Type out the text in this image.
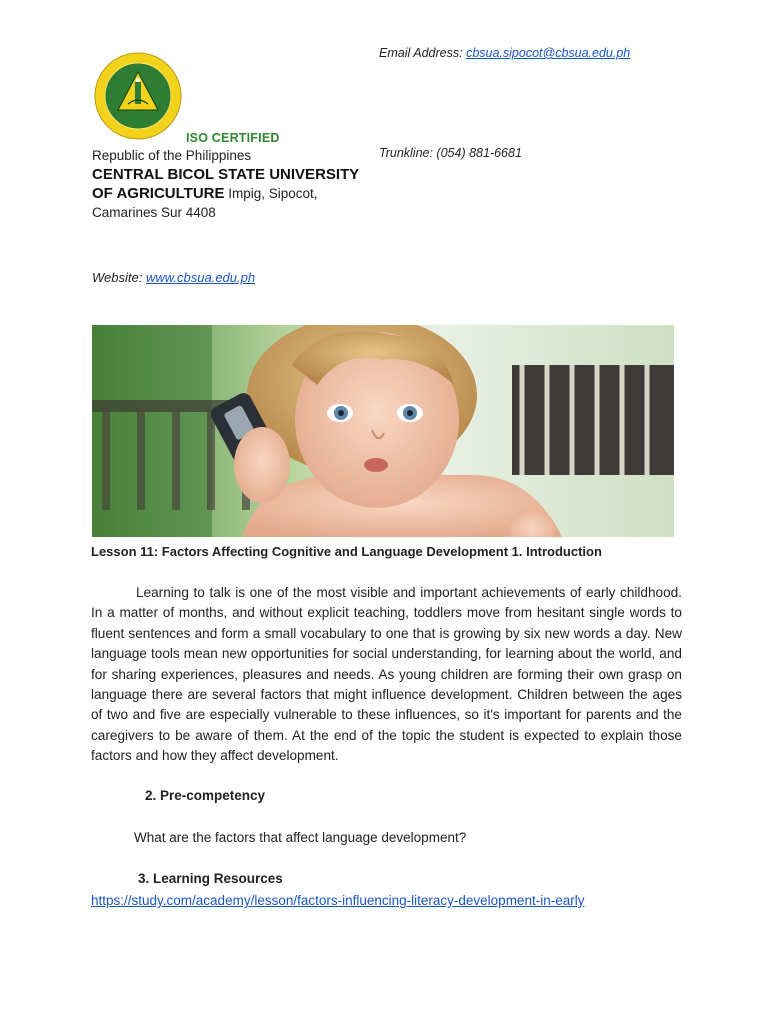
ISO CERTIFIED
Republic of the Philippines
CENTRAL BICOL STATE UNIVERSITY OF AGRICULTURE Impig, Sipocot, Camarines Sur 4408
Email Address: cbsua.sipocot@cbsua.edu.ph
Trunkline: (054) 881-6681
Website: www.cbsua.edu.ph
Lesson 11: Factors Affecting Cognitive and Language Development 1. Introduction
Learning to talk is one of the most visible and important achievements of early childhood. In a matter of months, and without explicit teaching, toddlers move from hesitant single words to fluent sentences and form a small vocabulary to one that is growing by six new words a day. New language tools mean new opportunities for social understanding, for learning about the world, and for sharing experiences, pleasures and needs. As young children are forming their own grasp on language there are several factors that might influence development. Children between the ages of two and five are especially vulnerable to these influences, so it's important for parents and the caregivers to be aware of them. At the end of the topic the student is expected to explain those factors and how they affect development.
2. Pre-competency
What are the factors that affect language development?
3. Learning Resources
https://study.com/academy/lesson/factors-influencing-literacy-development-in-early
